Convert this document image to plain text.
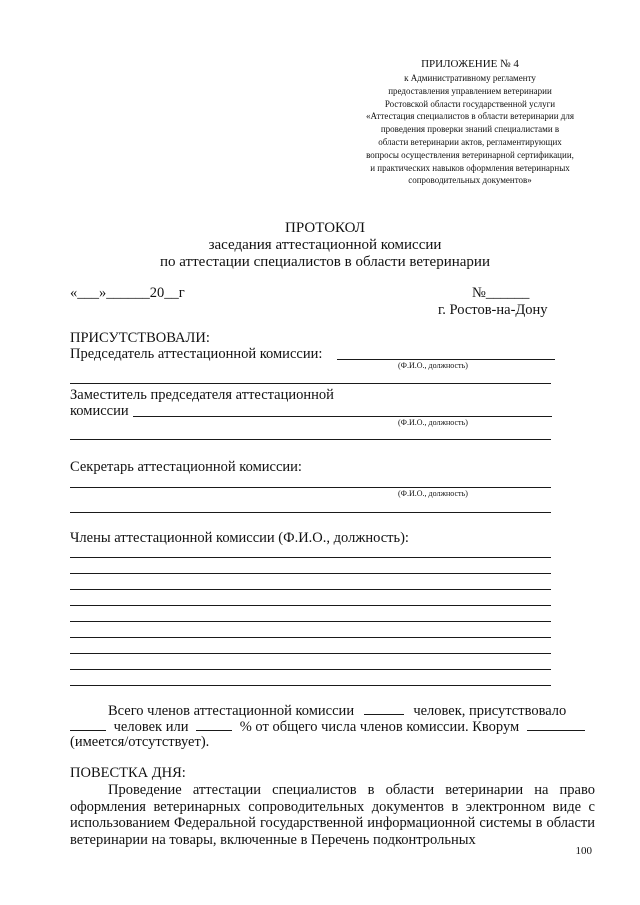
ПРИЛОЖЕНИЕ № 4
к Административному регламенту
предоставления управлением ветеринарии
Ростовской области государственной услуги
«Аттестация специалистов в области ветеринарии для
проведения проверки знаний специалистами в
области ветеринарии актов, регламентирующих
вопросы осуществления ветеринарной сертификации,
и практических навыков оформления ветеринарных
сопроводительных документов»
ПРОТОКОЛ
заседания аттестационной комиссии
по аттестации специалистов в области ветеринарии
«___»______20__г	№______
г. Ростов-на-Дону
ПРИСУТСТВОВАЛИ:
Председатель аттестационной комиссии:
(Ф.И.О., должность)
Заместитель председателя аттестационной
комиссии
(Ф.И.О., должность)
Секретарь аттестационной комиссии:
(Ф.И.О., должность)
Члены аттестационной комиссии (Ф.И.О., должность):
Всего членов аттестационной комиссии	человек, присутствовало
человек или	% от общего числа членов комиссии. Кворум
(имеется/отсутствует).
ПОВЕСТКА ДНЯ:
Проведение аттестации специалистов в области ветеринарии на право оформления ветеринарных сопроводительных документов в электронном виде с использованием Федеральной государственной информационной системы в области ветеринарии на товары, включенные в Перечень подконтрольных
100
